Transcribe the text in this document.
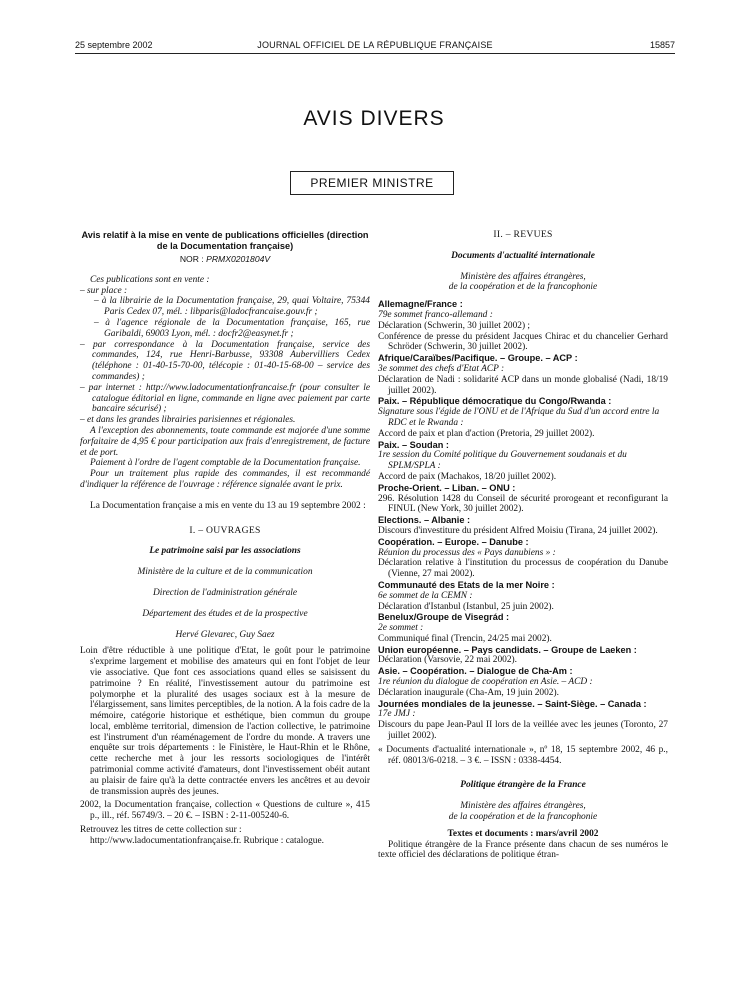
25 septembre 2002	JOURNAL OFFICIEL DE LA RÉPUBLIQUE FRANÇAISE	15857
AVIS DIVERS
PREMIER MINISTRE

Avis relatif à la mise en vente de publications officielles (direction de la Documentation française)

NOR : PRMX0201804V

Ces publications sont en vente :

– sur place :

– à la librairie de la Documentation française, 29, quai Voltaire, 75344 Paris Cedex 07, mél. : libparis@ladocfrancaise.gouv.fr ;

– à l'agence régionale de la Documentation française, 165, rue Garibaldi, 69003 Lyon, mél. : docfr2@easynet.fr ;

– par correspondance à la Documentation française, service des commandes, 124, rue Henri-Barbusse, 93308 Aubervilliers Cedex (téléphone : 01-40-15-70-00, télécopie : 01-40-15-68-00 – service des commandes) ;

– par internet : http://www.ladocumentationfrancaise.fr (pour consulter le catalogue éditorial en ligne, commande en ligne avec paiement par carte bancaire sécurisé) ;

– et dans les grandes librairies parisiennes et régionales.

A l'exception des abonnements, toute commande est majorée d'une somme forfaitaire de 4,95 € pour participation aux frais d'enregistrement, de facture et de port.

Paiement à l'ordre de l'agent comptable de la Documentation française.

Pour un traitement plus rapide des commandes, il est recommandé d'indiquer la référence de l'ouvrage : référence signalée avant le prix.

La Documentation française a mis en vente du 13 au 19 septembre 2002 :

I. – OUVRAGES

Le patrimoine saisi par les associations

Ministère de la culture et de la communication

Direction de l'administration générale

Département des études et de la prospective

Hervé Glevarec, Guy Saez

Loin d'être réductible à une politique d'Etat, le goût pour le patrimoine s'exprime largement et mobilise des amateurs qui en font l'objet de leur vie associative. Que font ces associations quand elles se saisissent du patrimoine ? En réalité, l'investissement autour du patrimoine est polymorphe et la pluralité des usages sociaux est à la mesure de l'élargissement, sans limites perceptibles, de la notion. A la fois cadre de la mémoire, catégorie historique et esthétique, bien commun du groupe local, emblème territorial, dimension de l'action collective, le patrimoine est l'instrument d'un réaménagement de l'ordre du monde. A travers une enquête sur trois départements : le Finistère, le Haut-Rhin et le Rhône, cette recherche met à jour les ressorts sociologiques de l'intérêt patrimonial comme activité d'amateurs, dont l'investissement obéit autant au plaisir de faire qu'à la dette contractée envers les ancêtres et au devoir de transmission auprès des jeunes.

2002, la Documentation française, collection « Questions de culture », 415 p., ill., réf. 56749/3. – 20 €. – ISBN : 2-11-005240-6.

Retrouvez les titres de cette collection sur :

http://www.ladocumentationfrançaise.fr. Rubrique : catalogue.

II. – REVUES

Documents d'actualité internationale

Ministère des affaires étrangères,

de la coopération et de la francophonie

Allemagne/France :

79e sommet franco-allemand :

Déclaration (Schwerin, 30 juillet 2002) ;

Conférence de presse du président Jacques Chirac et du chancelier Gerhard Schröder (Schwerin, 30 juillet 2002).

Afrique/Caraïbes/Pacifique. – Groupe. – ACP :

3e sommet des chefs d'Etat ACP :

Déclaration de Nadi : solidarité ACP dans un monde globalisé (Nadi, 18/19 juillet 2002).

Paix. – République démocratique du Congo/Rwanda :

Signature sous l'égide de l'ONU et de l'Afrique du Sud d'un accord entre la RDC et le Rwanda :

Accord de paix et plan d'action (Pretoria, 29 juillet 2002).

Paix. – Soudan :

1re session du Comité politique du Gouvernement soudanais et du SPLM/SPLA :

Accord de paix (Machakos, 18/20 juillet 2002).

Proche-Orient. – Liban. – ONU :

296. Résolution 1428 du Conseil de sécurité prorogeant et reconfigurant la FINUL (New York, 30 juillet 2002).

Elections. – Albanie :

Discours d'investiture du président Alfred Moisiu (Tirana, 24 juillet 2002).

Coopération. – Europe. – Danube :

Réunion du processus des « Pays danubiens » :

Déclaration relative à l'institution du processus de coopération du Danube (Vienne, 27 mai 2002).

Communauté des Etats de la mer Noire :

6e sommet de la CEMN :

Déclaration d'Istanbul (Istanbul, 25 juin 2002).

Benelux/Groupe de Visegrád :

2e sommet :

Communiqué final (Trencin, 24/25 mai 2002).

Union européenne. – Pays candidats. – Groupe de Laeken :

Déclaration (Varsovie, 22 mai 2002).

Asie. – Coopération. – Dialogue de Cha-Am :

1re réunion du dialogue de coopération en Asie. – ACD :

Déclaration inaugurale (Cha-Am, 19 juin 2002).

Journées mondiales de la jeunesse. – Saint-Siège. – Canada :

17e JMJ :

Discours du pape Jean-Paul II lors de la veillée avec les jeunes (Toronto, 27 juillet 2002).

« Documents d'actualité internationale », nº 18, 15 septembre 2002, 46 p., réf. 08013/6-0218. – 3 €. – ISSN : 0338-4454.

Politique étrangère de la France

Ministère des affaires étrangères,

de la coopération et de la francophonie

Textes et documents : mars/avril 2002

Politique étrangère de la France présente dans chacun de ses numéros le texte officiel des déclarations de politique étran-
